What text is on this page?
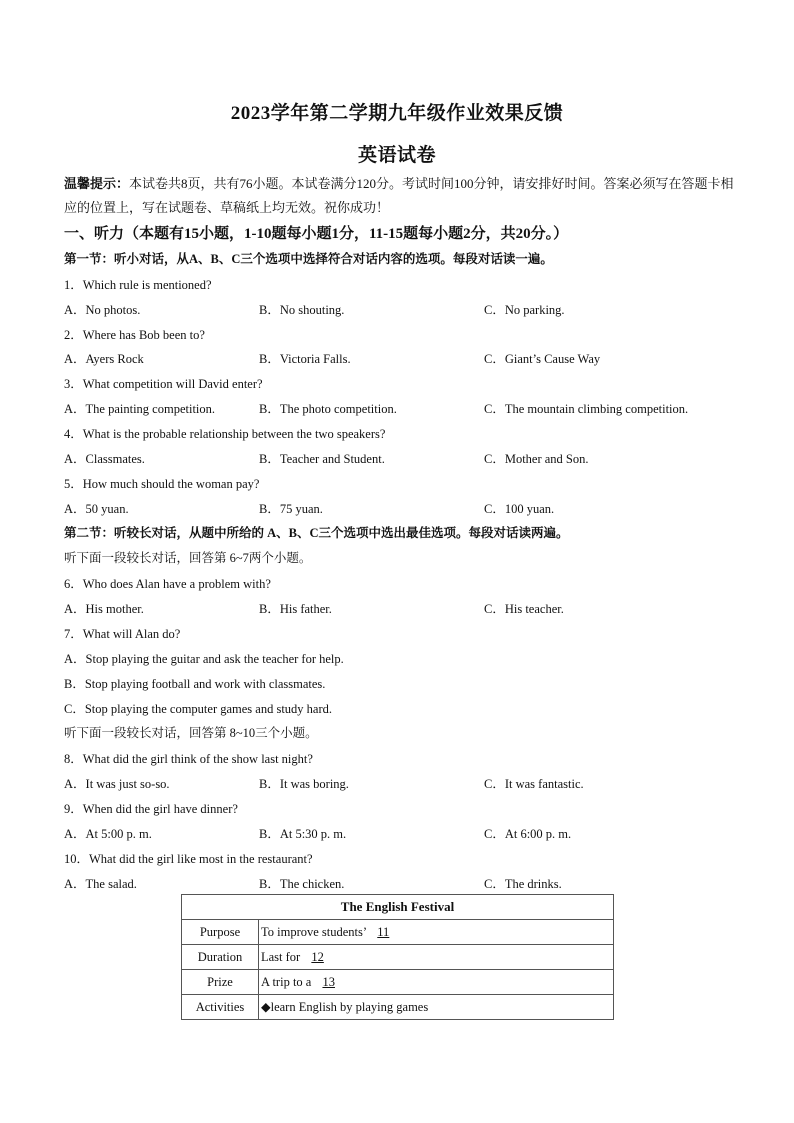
2023学年第二学期九年级作业效果反馈
英语试卷
温馨提示：本试卷共8页，共有76小题。本试卷满分120分。考试时间100分钟，请安排好时间。答案必须写在答题卡相应的位置上，写在试题卷、草稿纸上均无效。祝你成功！
一、听力（本题有15小题，1-10题每小题1分，11-15题每小题2分，共20分。）
第一节：听小对话，从A、B、C三个选项中选择符合对话内容的选项。每段对话读一遍。
1．Which rule is mentioned?
A．No photos.	B．No shouting.	C．No parking.
2．Where has Bob been to?
A．Ayers Rock	B．Victoria Falls.	C．Giant’s Cause Way
3．What competition will David enter?
A．The painting competition.	B．The photo competition.	C．The mountain climbing competition.
4．What is the probable relationship between the two speakers?
A．Classmates.	B．Teacher and Student.	C．Mother and Son.
5．How much should the woman pay?
A．50 yuan.	B．75 yuan.	C．100 yuan.
第二节：听较长对话，从题中所给的 A、B、C三个选项中选出最佳选项。每段对话读两遍。
听下面一段较长对话，回答第 6~7两个小题。
6．Who does Alan have a problem with?
A．His mother.	B．His father.	C．His teacher.
7．What will Alan do?
A．Stop playing the guitar and ask the teacher for help.
B．Stop playing football and work with classmates.
C．Stop playing the computer games and study hard.
听下面一段较长对话，回答第 8~10三个小题。
8．What did the girl think of the show last night?
A．It was just so-so.	B．It was boring.	C．It was fantastic.
9．When did the girl have dinner?
A．At 5:00 p. m.	B．At 5:30 p. m.	C．At 6:00 p. m.
10．What did the girl like most in the restaurant?
A．The salad.	B．The chicken.	C．The drinks.
The English Festival	
Purpose	To improve students’ 11
Duration	Last for 12
Prize	A trip to a 13
Activities	◆learn English by playing games
